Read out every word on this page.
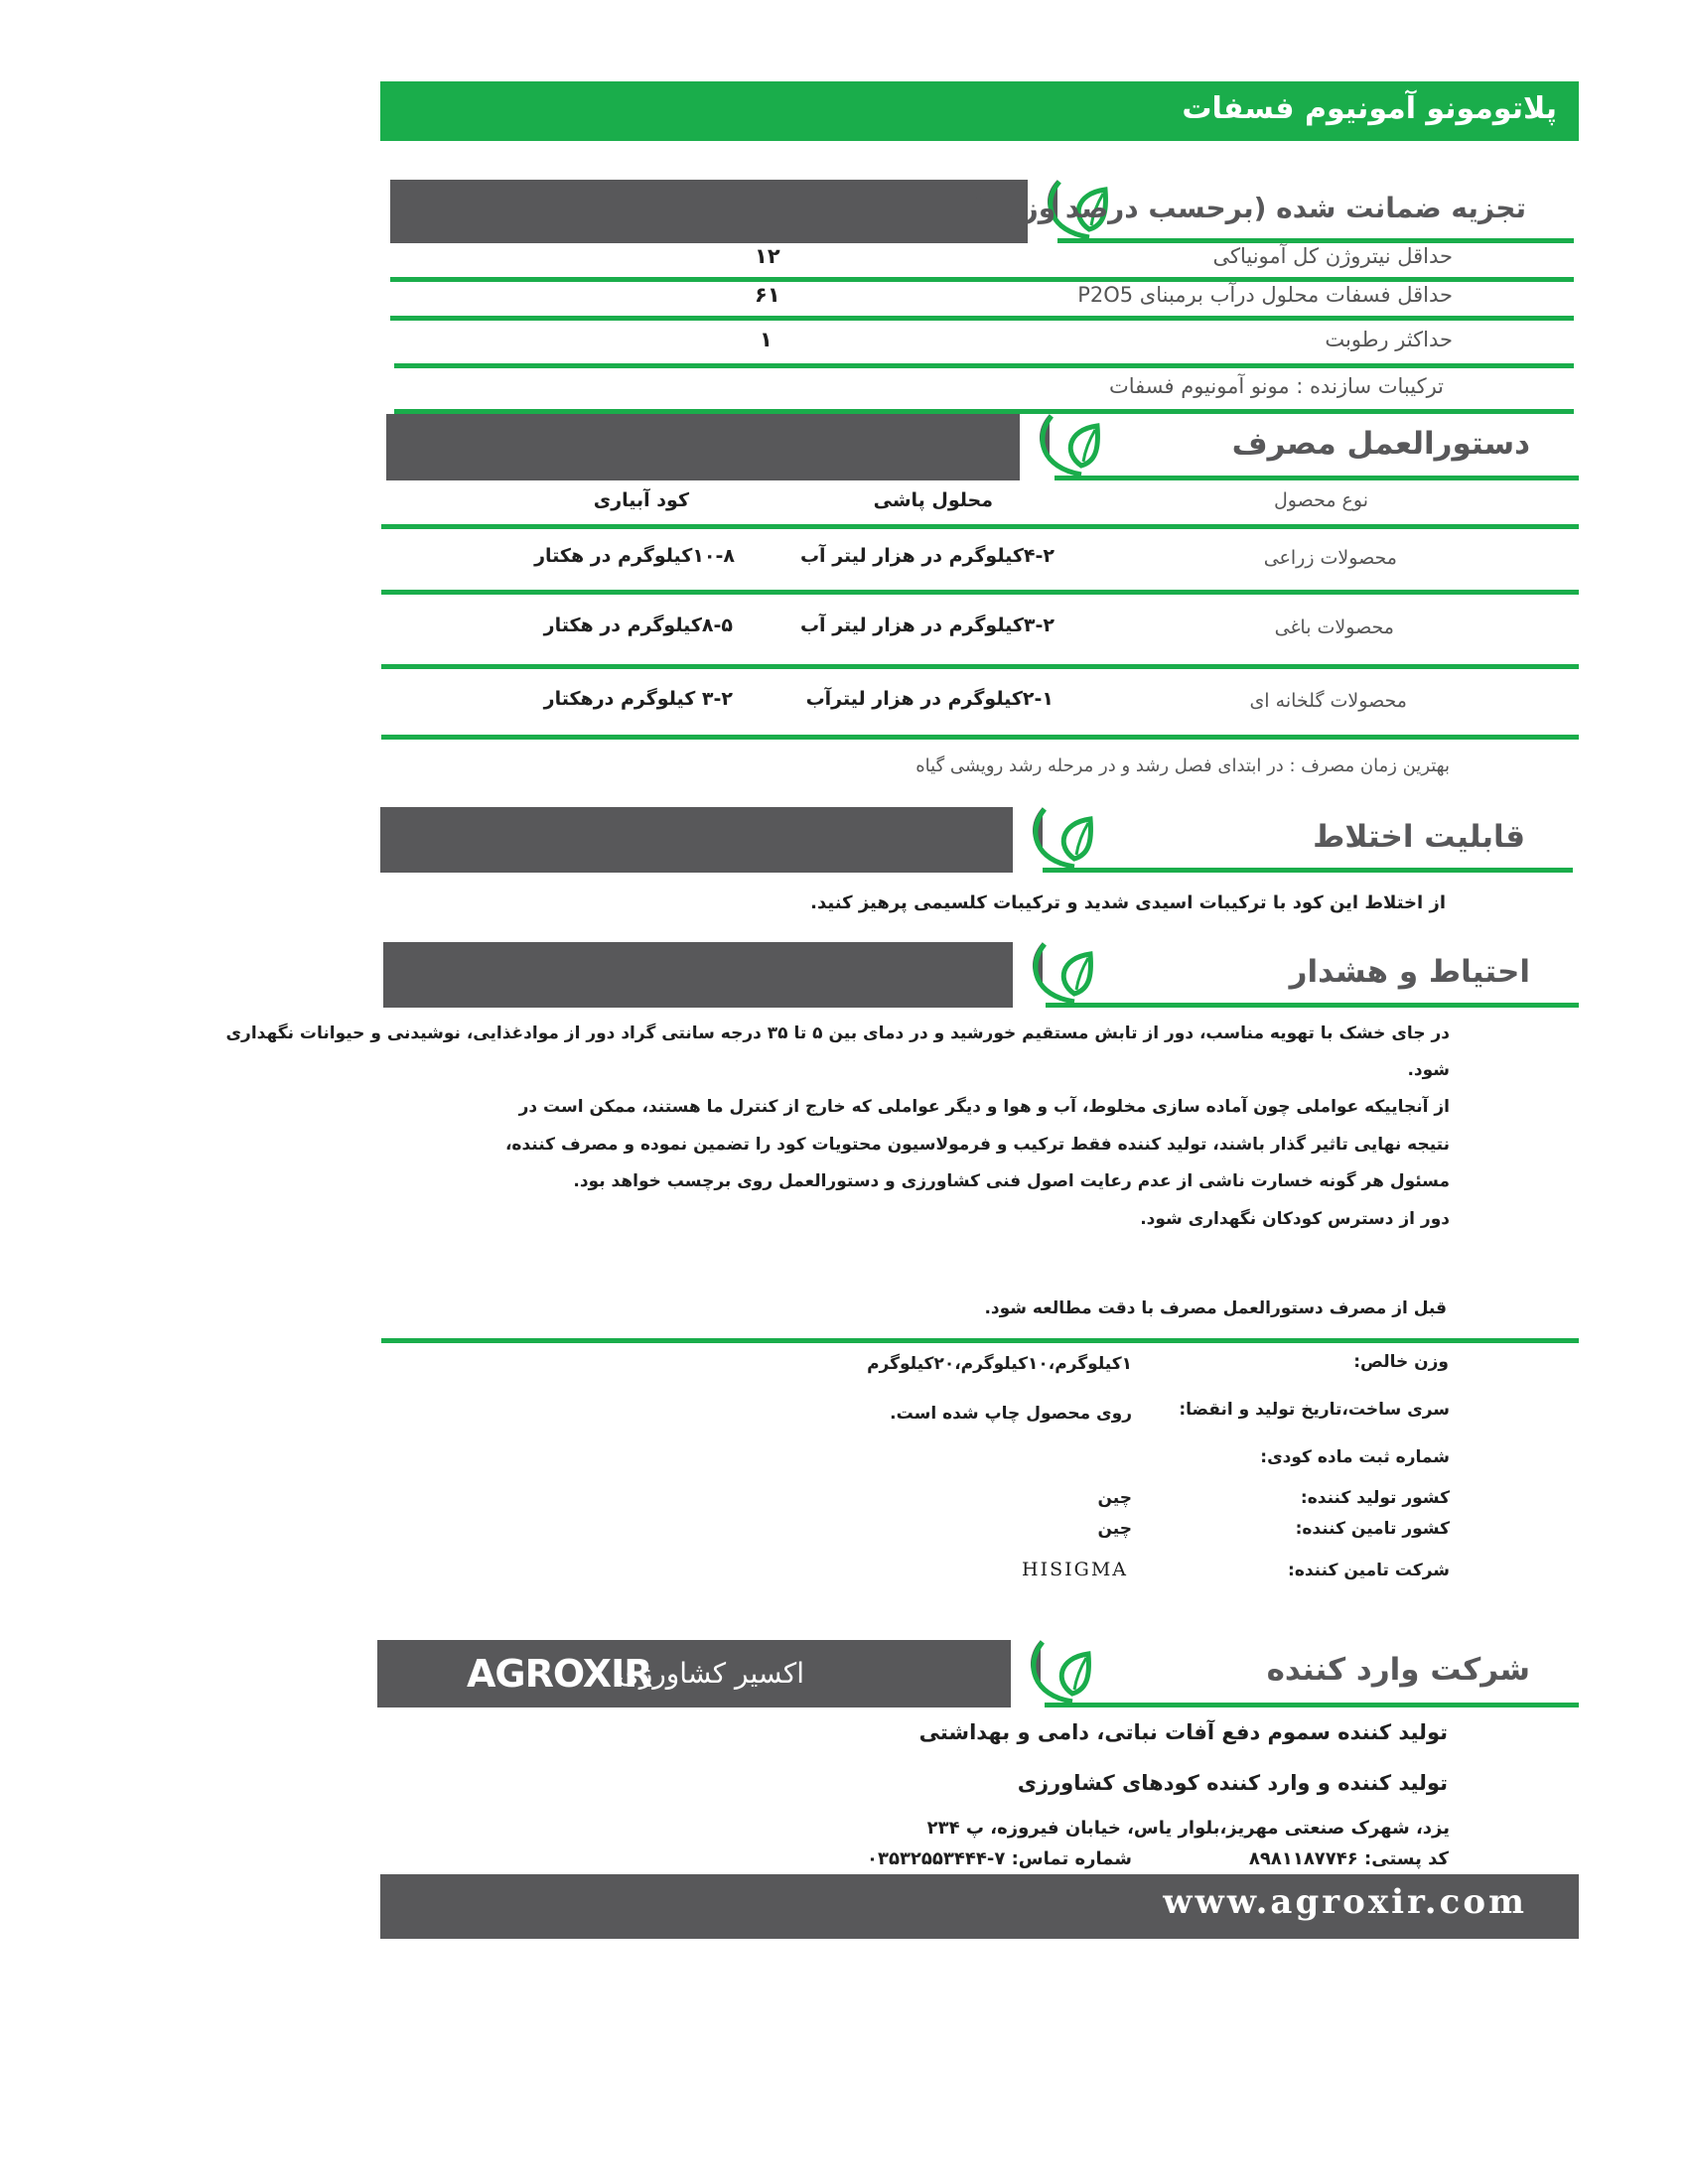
پلاتومونو آمونیوم فسفات
تجزیه ضمانت شده (برحسب درصد وزنی):
حداقل نیتروژن کل آمونیاکی
۱۲
حداقل فسفات محلول درآب برمبنای P2O5
۶۱
حداکثر رطوبت
۱
ترکیبات سازنده : مونو آمونیوم فسفات
دستورالعمل مصرف
نوع محصول
محلول پاشی
کود آبیاری
محصولات زراعی
۴-۲کیلوگرم در هزار لیتر آب
۱۰-۸کیلوگرم در هکتار
محصولات باغی
۳-۲کیلوگرم در هزار لیتر آب
۸-۵کیلوگرم در هکتار
محصولات گلخانه ای
۲-۱کیلوگرم در هزار لیترآب
۳-۲ کیلوگرم درهکتار
بهترین زمان مصرف : در ابتدای فصل رشد و در مرحله رشد رویشی گیاه
قابلیت اختلاط
از اختلاط این کود با ترکیبات اسیدی شدید و ترکیبات کلسیمی پرهیز کنید.
احتیاط و هشدار
در جای خشک با تهویه مناسب، دور از تابش مستقیم خورشید و در دمای بین ۵ تا ۳۵ درجه سانتی گراد دور از موادغذایی، نوشیدنی و حیوانات نگهداری
شود.
از آنجاییکه عواملی چون آماده سازی مخلوط، آب و هوا و دیگر عواملی که خارج از کنترل ما هستند، ممکن است در
نتیجه نهایی تاثیر گذار باشند، تولید کننده فقط ترکیب و فرمولاسیون محتویات کود را تضمین نموده و مصرف کننده،
مسئول هر گونه خسارت ناشی از عدم رعایت اصول فنی کشاورزی و دستورالعمل روی برچسب خواهد بود.
دور از دسترس کودکان نگهداری شود.
قبل از مصرف دستورالعمل مصرف با دقت مطالعه شود.
وزن خالص:
۱کیلوگرم،۱۰کیلوگرم،۲۰کیلوگرم
سری ساخت،تاریخ تولید و انقضا:
روی محصول چاپ شده است.
شماره ثبت ماده کودی:
کشور تولید کننده:
چین
کشور تامین کننده:
چین
شرکت تامین کننده:
HISIGMA
شرکت وارد کننده
اکسیر کشاورزی
AGROXIR
تولید کننده سموم دفع آفات نباتی، دامی و بهداشتی
تولید کننده و وارد کننده کودهای کشاورزی
یزد، شهرک صنعتی مهریز،بلوار یاس، خیابان فیروزه، پ ۲۳۴
کد پستی: ۸۹۸۱۱۸۷۷۴۶
شماره تماس: ۷-۰۳۵۳۲۵۵۳۴۴۴
www.agroxir.com
